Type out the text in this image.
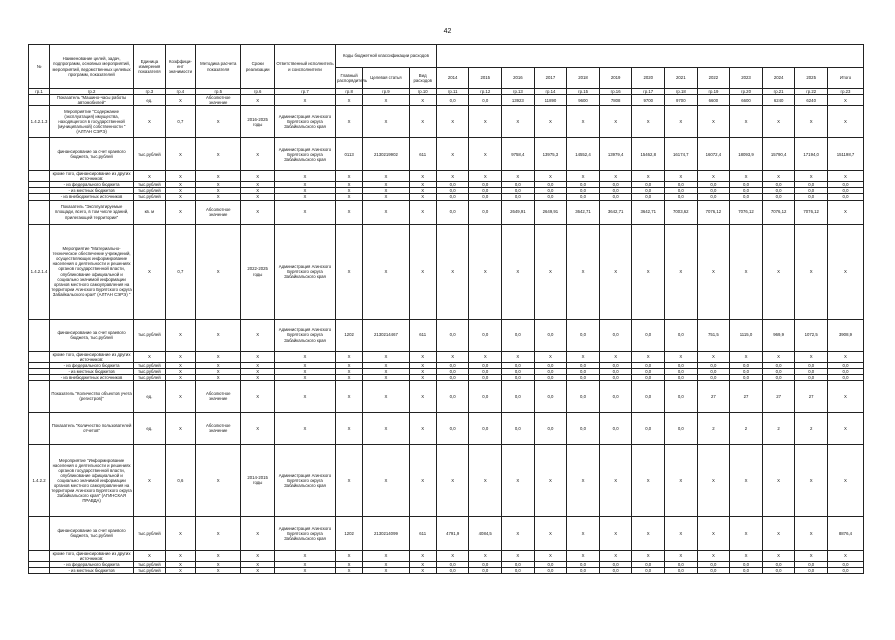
42
№	Наименование целей, задач, подпрограмм, основных мероприятий, мероприятий, ведомственных целевых программ, показателей	Единица измерения показателя	Коэффици-ент значимости	Методика расчета показателя	Сроки реализации	Ответственный исполнитель и соисполнители	Коды бюджетной классификации расходов															
							Главный распорядитель	Целевая статья	Вид расходов	2014	2015	2016	2017	2018	2019	2020	2021	2022	2023	2024	2025	Итого
гр.1	гр.2	гр.3	гр.4	гр.5	гр.6	гр.7	гр.8	гр.9	гр.10	гр.11	гр.12	гр.13	гр.14	гр.15	гр.16	гр.17	гр.18	гр.19	гр.20	гр.21	гр.22	гр.23
	Показатель "Машино-часы работы автомобилей"	ед.	Х	Абсолютное значение	Х	Х	Х	Х	Х	0,0	0,0	13923	11890	9600	7808	9700	9700	6600	6600	6240	6240	Х
1.4.2.1.3	Мероприятие "Содержание (эксплуатация) имущества, находящегося в государственной (муниципальной) собственности " (АЛТАН СЭРЭ)	Х	0,7	Х	2016-2025 годы	Администрация Агинского Бурятского округа Забайкальского края	Х	Х	Х	Х	Х	Х	Х	Х	Х	Х	Х	Х	Х	Х	Х	Х
	финансирование за счет краевого бюджета, тыс.рублей	тыс.рублей	Х	Х	Х	Администрация Агинского Бурятского округа Забайкальского края	0113	2130219902	611	Х	Х	9758,4	13975,3	14552,4	13979,4	15462,8	16174,7	16072,4	18093,9	15790,4	17194,0	151198,7
	кроме того, финансирование из других источников:	Х	Х	Х	Х	Х	Х	Х	Х	Х	Х	Х	Х	Х	Х	Х	Х	Х	Х	Х	Х	Х
	- из федерального бюджета	тыс.рублей	Х	Х	Х	Х	Х	Х	Х	0,0	0,0	0,0	0,0	0,0	0,0	0,0	0,0	0,0	0,0	0,0	0,0	0,0
	- из местных бюджетов	тыс.рублей	Х	Х	Х	Х	Х	Х	Х	0,0	0,0	0,0	0,0	0,0	0,0	0,0	0,0	0,0	0,0	0,0	0,0	0,0
	- из внебюджетных источников	тыс.рублей	Х	Х	Х	Х	Х	Х	Х	0,0	0,0	0,0	0,0	0,0	0,0	0,0	0,0	0,0	0,0	0,0	0,0	0,0
	Показатель "Эксплуатируемые площади, всего, в том числе зданий, прилегающей территории"	кв. м	Х	Абсолютное значение	Х	Х	Х	Х	Х	0,0	0,0	2649,91	2649,91	3642,71	3642,71	3642,71	7003,62	7076,12	7076,12	7076,12	7076,12	Х
1.4.2.1.4	Мероприятие "Материально-техническое обеспечение учреждений, осуществляющих информирование населения о деятельности и решениях органов государственной власти, опубликование официальной и социально значимой информации органов местного самоуправления на территории Агинского Бурятского округа Забайкальского края" (АЛТАН СЭРЭ) "	Х	0,7	Х	2022-2025 годы	Администрация Агинского Бурятского округа Забайкальского края	Х	Х	Х	Х	Х	Х	Х	Х	Х	Х	Х	Х	Х	Х	Х	Х
	финансирование за счет краевого бюджета, тыс.рублей	тыс.рублей	Х	Х	Х	Администрация Агинского Бурятского округа Забайкальского края	1202	2130214467	611	0,0	0,0	0,0	0,0	0,0	0,0	0,0	0,0	751,5	1115,0	969,9	1072,5	3908,9
	кроме того, финансирование из других источников:	Х	Х	Х	Х	Х	Х	Х	Х	Х	Х	Х	Х	Х	Х	Х	Х	Х	Х	Х	Х	Х
	- из федерального бюджета	тыс.рублей	Х	Х	Х	Х	Х	Х	Х	0,0	0,0	0,0	0,0	0,0	0,0	0,0	0,0	0,0	0,0	0,0	0,0	0,0
	- из местных бюджетов	тыс.рублей	Х	Х	Х	Х	Х	Х	Х	0,0	0,0	0,0	0,0	0,0	0,0	0,0	0,0	0,0	0,0	0,0	0,0	0,0
	- из внебюджетных источников	тыс.рублей	Х	Х	Х	Х	Х	Х	Х	0,0	0,0	0,0	0,0	0,0	0,0	0,0	0,0	0,0	0,0	0,0	0,0	0,0
	Показатель "Количество объектов учета (регистров)"	ед.	Х	Абсолютное значение	Х	Х	Х	Х	Х	0,0	0,0	0,0	0,0	0,0	0,0	0,0	0,0	27	27	27	27	Х
	Показатель "Количество пользователей отчетов"	ед.	Х	Абсолютное значение	Х	Х	Х	Х	Х	0,0	0,0	0,0	0,0	0,0	0,0	0,0	0,0	2	2	2	2	Х
1.4.2.2	Мероприятие "Информирование населения о деятельности и решениях органов государственной власти, опубликование официальной и социально значимой информации органов местного самоуправления на территории Агинского Бурятского округа Забайкальского края" (АГИНСКАЯ ПРАВДА)	Х	0,6	Х	2014-2015 годы	Администрация Агинского Бурятского округа Забайкальского края	Х	Х	Х	Х	Х	Х	Х	Х	Х	Х	Х	Х	Х	Х	Х	Х
	финансирование за счет краевого бюджета, тыс.рублей	тыс.рублей	Х	Х	Х	Администрация Агинского Бурятского округа Забайкальского края	1202	2130214099	611	4791,9	4084,5	Х	Х	Х	Х	Х	Х	Х	Х	Х	Х	8876,4
	кроме того, финансирование из других источников:	Х	Х	Х	Х	Х	Х	Х	Х	Х	Х	Х	Х	Х	Х	Х	Х	Х	Х	Х	Х	Х
	- из федерального бюджета	тыс.рублей	Х	Х	Х	Х	Х	Х	Х	0,0	0,0	0,0	0,0	0,0	0,0	0,0	0,0	0,0	0,0	0,0	0,0	0,0
	- из местных бюджетов	тыс.рублей	Х	Х	Х	Х	Х	Х	Х	0,0	0,0	0,0	0,0	0,0	0,0	0,0	0,0	0,0	0,0	0,0	0,0	0,0
